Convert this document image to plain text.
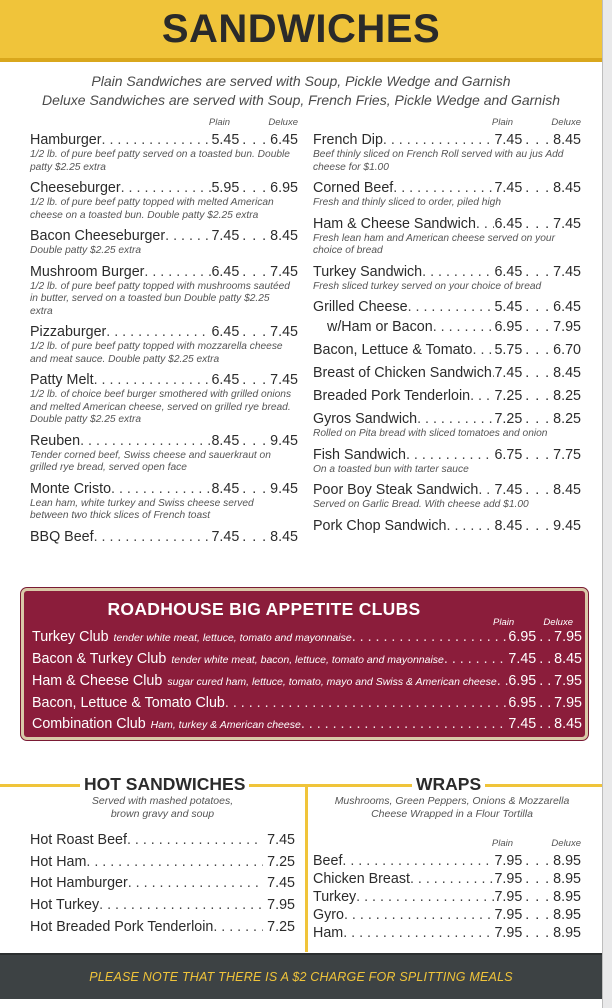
SANDWICHES
Plain Sandwiches are served with Soup, Pickle Wedge and Garnish
Deluxe Sandwiches are served with Soup, French Fries, Pickle Wedge and Garnish
Plain	Deluxe
Hamburger . . .	5.45 . . . 6.45
1/2 lb. of pure beef patty served on a toasted bun. Double patty $2.25 extra
Cheeseburger . . .	5.95 . . . 6.95
1/2 lb. of pure beef patty topped with melted American cheese on a toasted bun. Double patty $2.25 extra
Bacon Cheeseburger . . .	7.45 . . . 8.45
Double patty $2.25 extra
Mushroom Burger . . .	6.45 . . . 7.45
1/2 lb. of pure beef patty topped with mushrooms sautéed in butter, served on a toasted bun Double patty $2.25 extra
Pizzaburger . . .	6.45 . . . 7.45
1/2 lb. of pure beef patty topped with mozzarella cheese and meat sauce. Double patty $2.25 extra
Patty Melt . . .	6.45 . . . 7.45
1/2 lb. of choice beef burger smothered with grilled onions and melted American cheese, served on grilled rye bread. Double patty $2.25 extra
Reuben . . .	8.45 . . . 9.45
Tender corned beef, Swiss cheese and sauerkraut on grilled rye bread, served open face
Monte Cristo . . .	8.45 . . . 9.45
Lean ham, white turkey and Swiss cheese served between two thick slices of French toast
BBQ Beef . . .	7.45 . . . 8.45
Plain	Deluxe
French Dip . . .	7.45 . . . 8.45
Beef thinly sliced on French Roll served with au jus Add cheese for $1.00
Corned Beef . . .	7.45 . . . 8.45
Fresh and thinly sliced to order, piled high
Ham & Cheese Sandwich . . . 6.45 . . . 7.45
Fresh lean ham and American cheese served on your choice of bread
Turkey Sandwich . . .	6.45 . . . 7.45
Fresh sliced turkey served on your choice of bread
Grilled Cheese . . .	5.45 . . . 6.45
w/Ham or Bacon . . .	6.95 . . . 7.95
Bacon, Lettuce & Tomato . . . 5.75 . . . 6.70
Breast of Chicken Sandwich . . . 7.45 . . . 8.45
Breaded Pork Tenderloin . . . 7.25 . . . 8.25
Gyros Sandwich . . .	7.25 . . . 8.25
Rolled on Pita bread with sliced tomatoes and onion
Fish Sandwich . . .	6.75 . . . 7.75
On a toasted bun with tarter sauce
Poor Boy Steak Sandwich . . . 7.45 . . . 8.45
Served on Garlic Bread. With cheese add $1.00
Pork Chop Sandwich . . .	8.45 . . . 9.45
ROADHOUSE BIG APPETITE CLUBS
Plain	Deluxe
Turkey Club tender white meat, lettuce, tomato and mayonnaise . . .	6.95 . . 7.95
Bacon & Turkey Club tender white meat, bacon, lettuce, tomato and mayonnaise . . .	7.45 . . 8.45
Ham & Cheese Club sugar cured ham, lettuce, tomato, mayo and Swiss & American cheese . . . 6.95 . . 7.95
Bacon, Lettuce & Tomato Club . . .	6.95 . . 7.95
Combination Club Ham, turkey & American cheese . . .	7.45 . . 8.45
HOT SANDWICHES
Served with mashed potatoes,
brown gravy and soup
Hot Roast Beef . . .	7.45
Hot Ham . . .	7.25
Hot Hamburger . . .	7.45
Hot Turkey . . .	7.95
Hot Breaded Pork Tenderloin . . .	7.25
WRAPS
Mushrooms, Green Peppers, Onions & Mozzarella
Cheese Wrapped in a Flour Tortilla
Plain	Deluxe
Beef . . .	7.95 . . . 8.95
Chicken Breast . . .	7.95 . . . 8.95
Turkey . . .	7.95 . . . 8.95
Gyro . . .	7.95 . . . 8.95
Ham . . .	7.95 . . . 8.95
PLEASE NOTE THAT THERE IS A $2 CHARGE FOR SPLITTING MEALS
